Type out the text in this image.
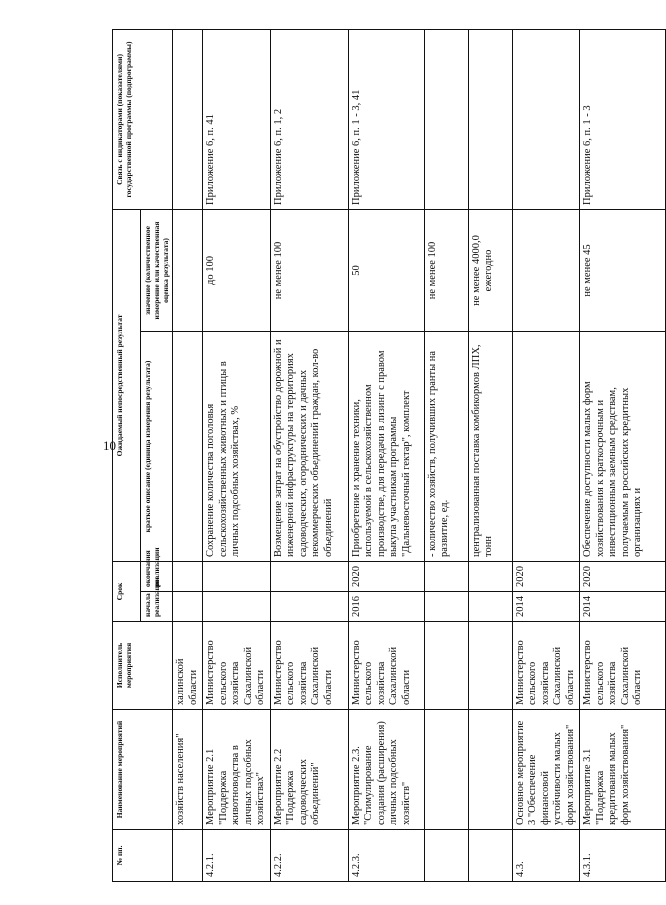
10
№ пп.	Наименование мероприятий	Исполнитель мероприятия	Срок		Ожидаемый непосредственный результат		Связь с индикаторами (показателями) государственной программы (подпрограммы)
			начала реализации	окончания реализации	краткое описание (единица измерения результата)	значение (количественное измерение или качественная оценка результата)	
	хозяйств населения"	халинской области					
4.2.1.	Мероприятие 2.1 "Поддержка животноводства в личных подсобных хозяйствах"	Министерство сельского хозяйства Сахалинской области			Сохранение количества поголовья сельскохозяйственных животных и птицы в личных подсобных хозяйствах, %	до 100	Приложение 6, п. 41
4.2.2.	Мероприятие 2.2 "Поддержка садоводческих объединений"	Министерство сельского хозяйства Сахалинской области			Возмещение затрат на обустройство дорожной и инженерной инфраструктуры на территориях садоводческих, огороднических и дачных некоммерческих объединений граждан, кол-во объединений	не менее 100	Приложение 6, п. 1, 2
4.2.3.	Мероприятие 2.3. "Стимулирование создания (расширения) личных подсобных хозяйств"	Министерство сельского хозяйства Сахалинской области	2016	2020	Приобретение и хранение техники, используемой в сельскохозяйственном производстве, для передачи в лизинг с правом выкупа участникам программы "Дальневосточный гектар", комплект	50	Приложение 6, п. 1 - 3, 41
					- количество хозяйств, получивших гранты на развитие, ед.	не менее 100	
					централизованная поставка комбикормов ЛПХ, тонн	не менее 4000,0 ежегодно	
4.3.	Основное мероприятие 3 "Обеспечение финансовой устойчивости малых форм хозяйствования"	Министерство сельского хозяйства Сахалинской области	2014	2020			
4.3.1.	Мероприятие 3.1 "Поддержка кредитования малых форм хозяйствования"	Министерство сельского хозяйства Сахалинской области	2014	2020	Обеспечение доступности малых форм хозяйствования к краткосрочным и инвестиционным заемным средствам, получаемым в российских кредитных организациях и	не менее 45	Приложение 6, п. 1 - 3
